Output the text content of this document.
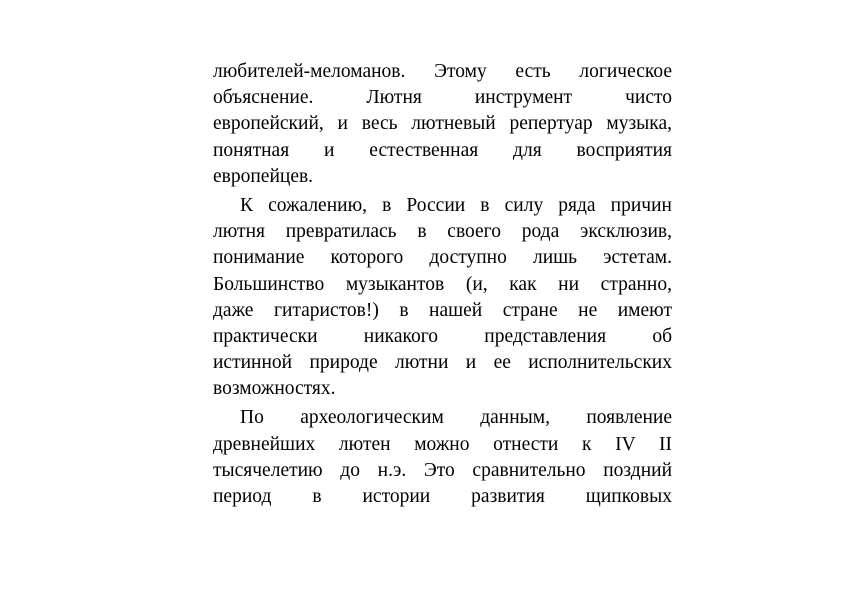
любителей-меломанов. Этому есть логическое
объяснение. Лютня инструмент чисто
европейский, и весь лютневый репертуар музыка,
понятная и естественная для восприятия
европейцев.
К сожалению, в России в силу ряда причин
лютня превратилась в своего рода эксклюзив,
понимание которого доступно лишь эстетам.
Большинство музыкантов (и, как ни странно,
даже гитаристов!) в нашей стране не имеют
практически никакого представления об
истинной природе лютни и ее исполнительских
возможностях.
По археологическим данным, появление
древнейших лютен можно отнести к IV II
тысячелетию до н.э. Это сравнительно поздний
период в истории развития щипковых
